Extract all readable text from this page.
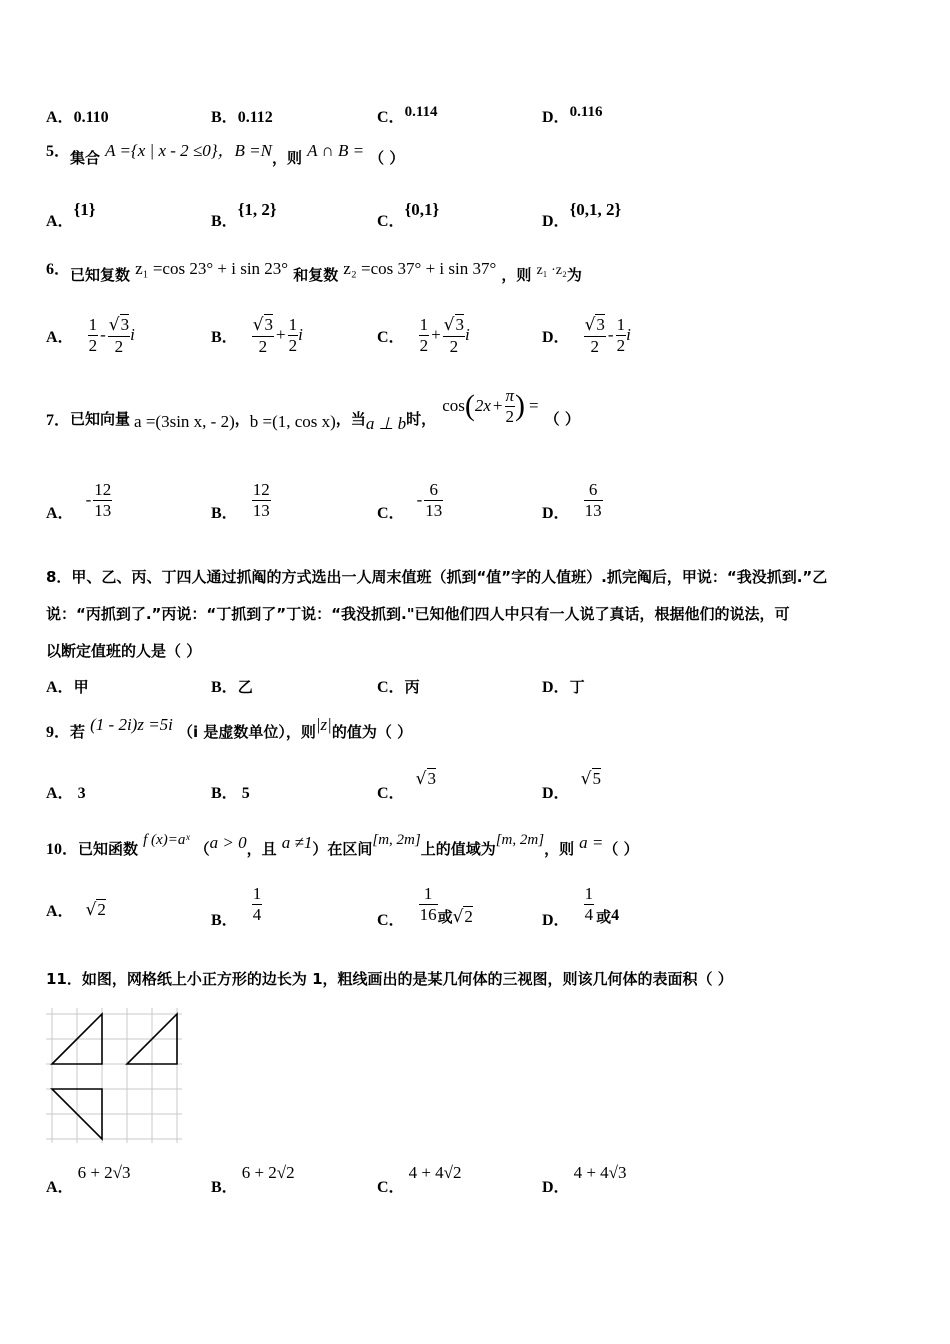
A．0.110	B．0.112	C．0.114	D．0.116
5．集合 A ={x | x - 2 ≤0}，B =N，则 A ∩ B = （ ）
A．{1}
B．{1, 2}
C．{0,1}
D．{0,1, 2}
6．已知复数 z₁ =cos 23° + i sin 23° 和复数 z₂ =cos 37° + i sin 37° ，则 z₁ ·z₂为
A． $\frac{1}{2} - \frac{√3}{2}$ i	B． $\frac{√3}{2} + \frac{1}{2}$ i	C． $\frac{1}{2} + \frac{√3}{2}$ i	D． $\frac{√3}{2} - \frac{1}{2}$ i
7． 已知向量 a =(3sin x, - 2) ， b =(1, cos x) ，当 a ⊥ b 时，
cos ( $2x + \frac{\pi}{2}$ ) =
（ ）
A．
- $\frac{12}{13}$	B． $\frac{12}{13}$	C．
- $\frac{6}{13}$	D． $\frac{6}{13}$
8．甲、乙、丙、丁四人通过抓阄的方式选出一人周末值班（抓到“值”字的人值班）.抓完阄后，甲说：“我没抓到.”乙
说：“丙抓到了.”丙说：“丁抓到了”丁说：“我没抓到."已知他们四人中只有一人说了真话，根据他们的说法，可
以断定值班的人是（ ）
A．甲	B．乙	C．丙	D．丁
9．若 (1 - 2i)z =5i （i 是虚数单位），则|z|的值为（ ）
A． 3	B． 5	C． √3
D． √5
10．已知函数 f (x)=aˣ （a > 0，且 a ≠1）在区间[m, 2m]上的值域为[m, 2m]，则 a =（ ）
A． √ 2
B． $\frac{1}{4}$	C． $\frac{1}{16}$ 或 √2	D． $\frac{1}{4}$ 或 4
11．如图，网格纸上小正方形的边长为 1，粗线画出的是某几何体的三视图，则该几何体的表面积（ ）
A．6 + 2√3
B．6 + 2√2
C．4 + 4√2
D．4 + 4√3
